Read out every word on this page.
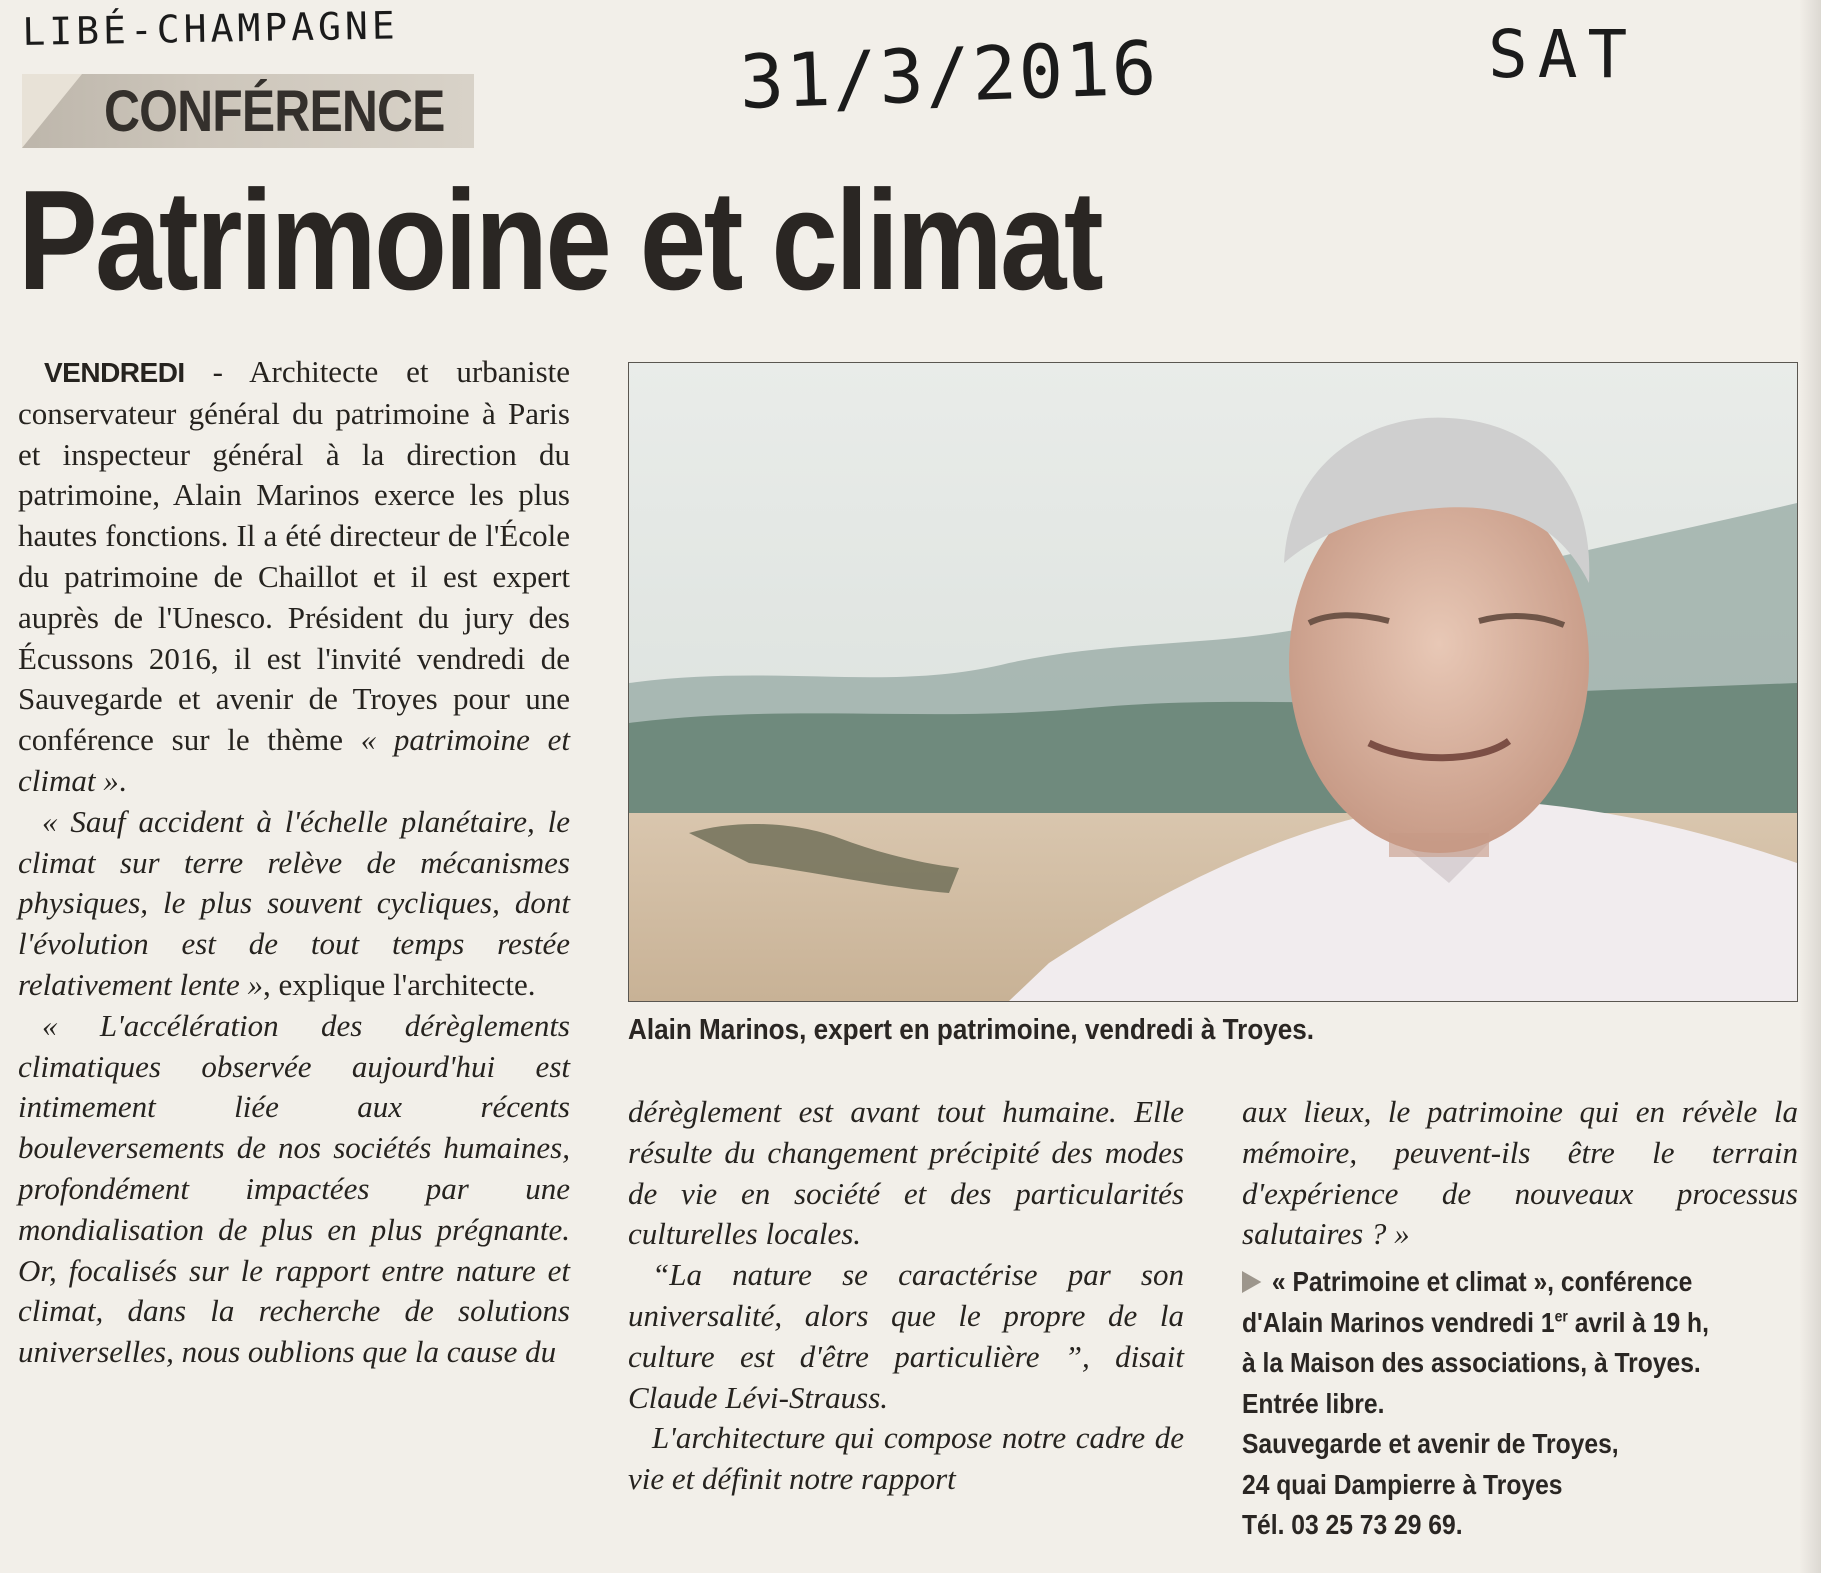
LIBÉ-CHAMPAGNE	31/3/2016	SAT
CONFÉRENCE
Patrimoine et climat

VENDREDI - Architecte et urbaniste conservateur général du patrimoine à Paris et inspecteur général à la direction du patrimoine, Alain Marinos exerce les plus hautes fonctions. Il a été directeur de l'École du patrimoine de Chaillot et il est expert auprès de l'Unesco. Président du jury des Écussons 2016, il est l'invité vendredi de Sauvegarde et avenir de Troyes pour une conférence sur le thème « patrimoine et climat ».

« Sauf accident à l'échelle planétaire, le climat sur terre relève de mécanismes physiques, le plus souvent cycliques, dont l'évolution est de tout temps restée relativement lente », explique l'architecte.

« L'accélération des dérèglements climatiques observée aujourd'hui est intimement liée aux récents bouleversements de nos sociétés humaines, profondément impactées par une mondialisation de plus en plus prégnante. Or, focalisés sur le rapport entre nature et climat, dans la recherche de solutions universelles, nous oublions que la cause du

Alain Marinos, expert en patrimoine, vendredi à Troyes.

dérèglement est avant tout humaine. Elle résulte du changement précipité des modes de vie en société et des particularités culturelles locales.

“La nature se caractérise par son universalité, alors que le propre de la culture est d'être particulière ”, disait Claude Lévi-Strauss.

L'architecture qui compose notre cadre de vie et définit notre rapport

aux lieux, le patrimoine qui en révèle la mémoire, peuvent-ils être le terrain d'expérience de nouveaux processus salutaires ? »

« Patrimoine et climat », conférence
d'Alain Marinos vendredi 1er avril à 19 h,
à la Maison des associations, à Troyes.
Entrée libre.
Sauvegarde et avenir de Troyes,
24 quai Dampierre à Troyes
Tél. 03 25 73 29 69.
